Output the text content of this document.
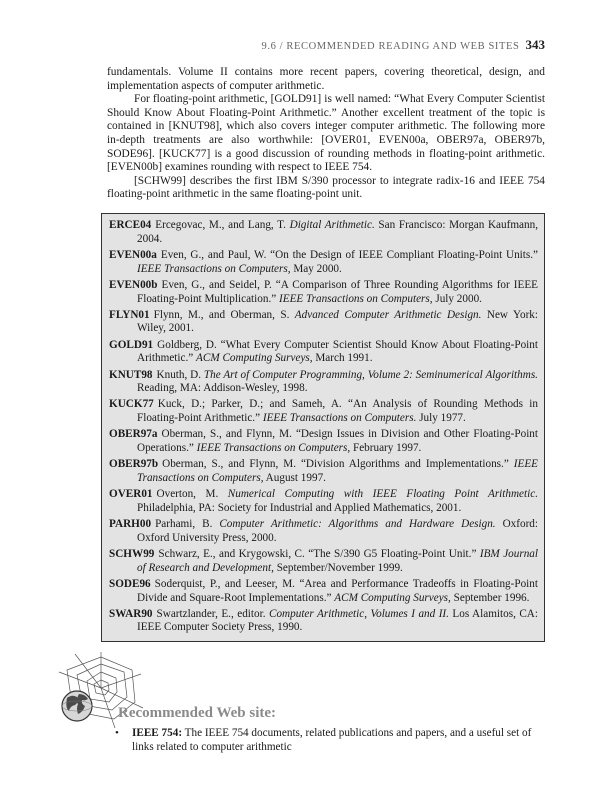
9.6 / RECOMMENDED READING AND WEB SITES 343

fundamentals. Volume II contains more recent papers, covering theoretical, design, and implementation aspects of computer arithmetic.

For floating-point arithmetic, [GOLD91] is well named: “What Every Computer Scientist Should Know About Floating-Point Arithmetic.” Another excellent treatment of the topic is contained in [KNUT98], which also covers integer computer arithmetic. The following more in-depth treatments are also worthwhile: [OVER01, EVEN00a, OBER97a, OBER97b, SODE96]. [KUCK77] is a good discussion of rounding methods in floating-point arithmetic. [EVEN00b] examines rounding with respect to IEEE 754.

[SCHW99] describes the first IBM S/390 processor to integrate radix-16 and IEEE 754 floating-point arithmetic in the same floating-point unit.

ERCE04 Ercegovac, M., and Lang, T. Digital Arithmetic. San Francisco: Morgan Kaufmann, 2004.
EVEN00a Even, G., and Paul, W. “On the Design of IEEE Compliant Floating-Point Units.” IEEE Transactions on Computers, May 2000.
EVEN00b Even, G., and Seidel, P. “A Comparison of Three Rounding Algorithms for IEEE Floating-Point Multiplication.” IEEE Transactions on Computers, July 2000.
FLYN01 Flynn, M., and Oberman, S. Advanced Computer Arithmetic Design. New York: Wiley, 2001.
GOLD91 Goldberg, D. “What Every Computer Scientist Should Know About Floating-Point Arithmetic.” ACM Computing Surveys, March 1991.
KNUT98 Knuth, D. The Art of Computer Programming, Volume 2: Seminumerical Algorithms. Reading, MA: Addison-Wesley, 1998.
KUCK77 Kuck, D.; Parker, D.; and Sameh, A. “An Analysis of Rounding Methods in Floating-Point Arithmetic.” IEEE Transactions on Computers. July 1977.
OBER97a Oberman, S., and Flynn, M. “Design Issues in Division and Other Floating-Point Operations.” IEEE Transactions on Computers, February 1997.
OBER97b Oberman, S., and Flynn, M. “Division Algorithms and Implementations.” IEEE Transactions on Computers, August 1997.
OVER01 Overton, M. Numerical Computing with IEEE Floating Point Arithmetic. Philadelphia, PA: Society for Industrial and Applied Mathematics, 2001.
PARH00 Parhami, B. Computer Arithmetic: Algorithms and Hardware Design. Oxford: Oxford University Press, 2000.
SCHW99 Schwarz, E., and Krygowski, C. “The S/390 G5 Floating-Point Unit.” IBM Journal of Research and Development, September/November 1999.
SODE96 Soderquist, P., and Leeser, M. “Area and Performance Tradeoffs in Floating-Point Divide and Square-Root Implementations.” ACM Computing Surveys, September 1996.
SWAR90 Swartzlander, E., editor. Computer Arithmetic, Volumes I and II. Los Alamitos, CA: IEEE Computer Society Press, 1990.
Recommended Web site:
•	IEEE 754: The IEEE 754 documents, related publications and papers, and a useful set of links related to computer arithmetic
